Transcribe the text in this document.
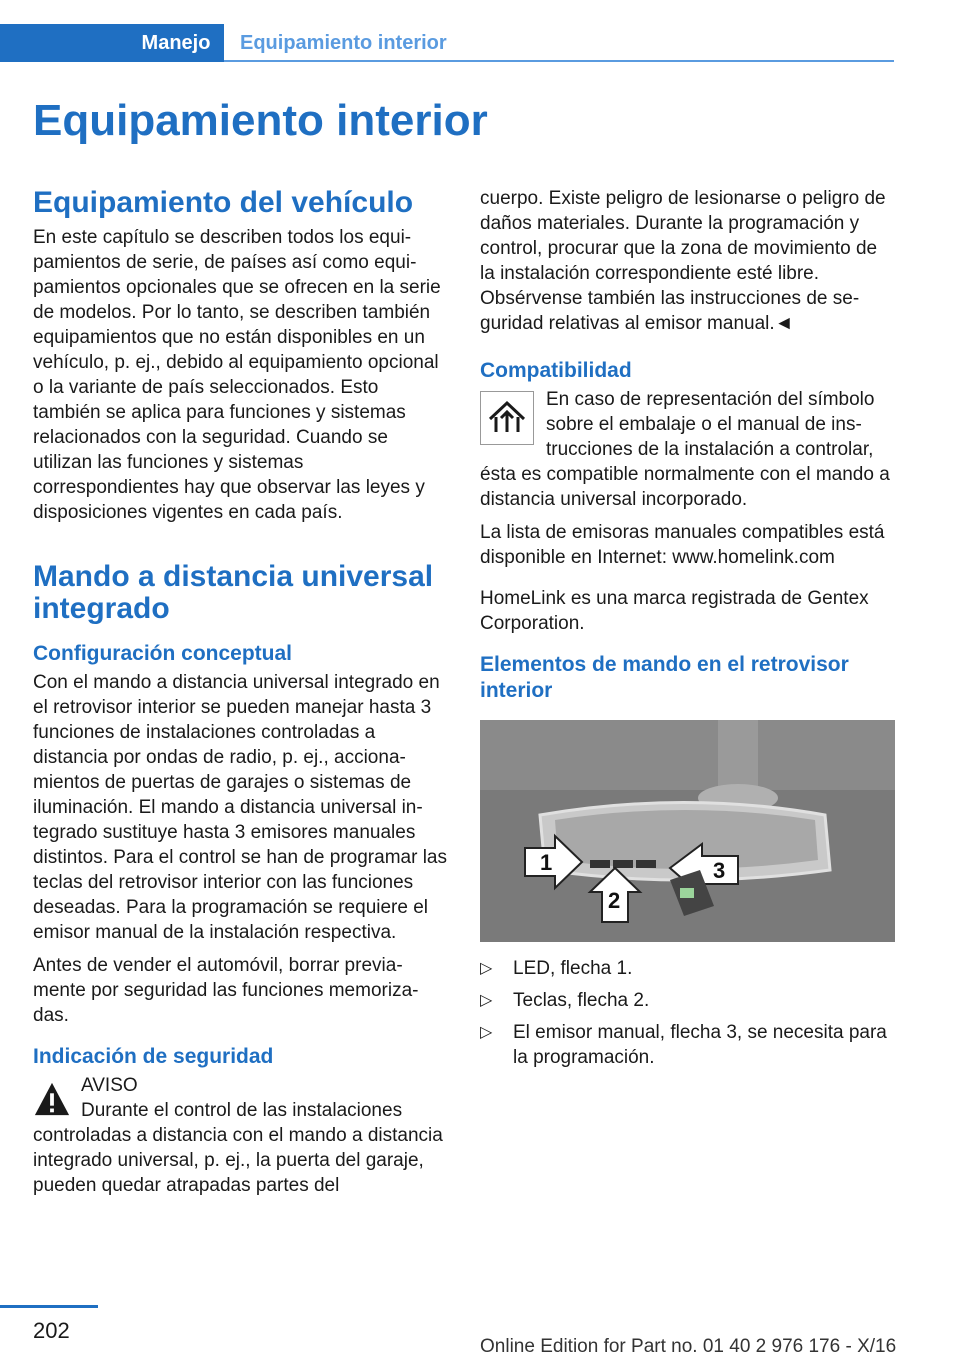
Manejo	Equipamiento interior
Equipamiento interior
Equipamiento del vehículo

En este capítulo se describen todos los equipamientos de serie, de países así como equipamientos opcionales que se ofrecen en la serie de modelos. Por lo tanto, se describen también equipamientos que no están disponibles en un vehículo, p. ej., debido al equipamiento opcional o la variante de país seleccionados. Esto también se aplica para funciones y sistemas relacionados con la seguridad. Cuando se utilizan las funciones y sistemas correspondientes hay que observar las leyes y disposiciones vigentes en cada país.

Mando a distancia universal integrado
Configuración conceptual

Con el mando a distancia universal integrado en el retrovisor interior se pueden manejar hasta 3 funciones de instalaciones controladas a distancia por ondas de radio, p. ej., accionamientos de puertas de garajes o sistemas de iluminación. El mando a distancia universal integrado sustituye hasta 3 emisores manuales distintos. Para el control se han de programar las teclas del retrovisor interior con las funciones deseadas. Para la programación se requiere el emisor manual de la instalación respectiva.

Antes de vender el automóvil, borrar previamente por seguridad las funciones memorizadas.

Indicación de seguridad
AVISO
Durante el control de las instalaciones controladas a distancia con el mando a distancia integrado universal, p. ej., la puerta del garaje, pueden quedar atrapadas partes del

cuerpo. Existe peligro de lesionarse o peligro de daños materiales. Durante la programación y control, procurar que la zona de movimiento de la instalación correspondiente esté libre. Obsérvense también las instrucciones de seguridad relativas al emisor manual.◄

Compatibilidad

En caso de representación del símbolo sobre el embalaje o el manual de instrucciones de la instalación a controlar, ésta es compatible normalmente con el mando a distancia universal incorporado.

La lista de emisoras manuales compatibles está disponible en Internet: www.homelink.com

HomeLink es una marca registrada de Gentex Corporation.

Elementos de mando en el retrovisor interior
1
2
3
▷ LED, flecha 1.
▷ Teclas, flecha 2.
▷ El emisor manual, flecha 3, se necesita para la programación.
202
Online Edition for Part no. 01 40 2 976 176 - X/16
